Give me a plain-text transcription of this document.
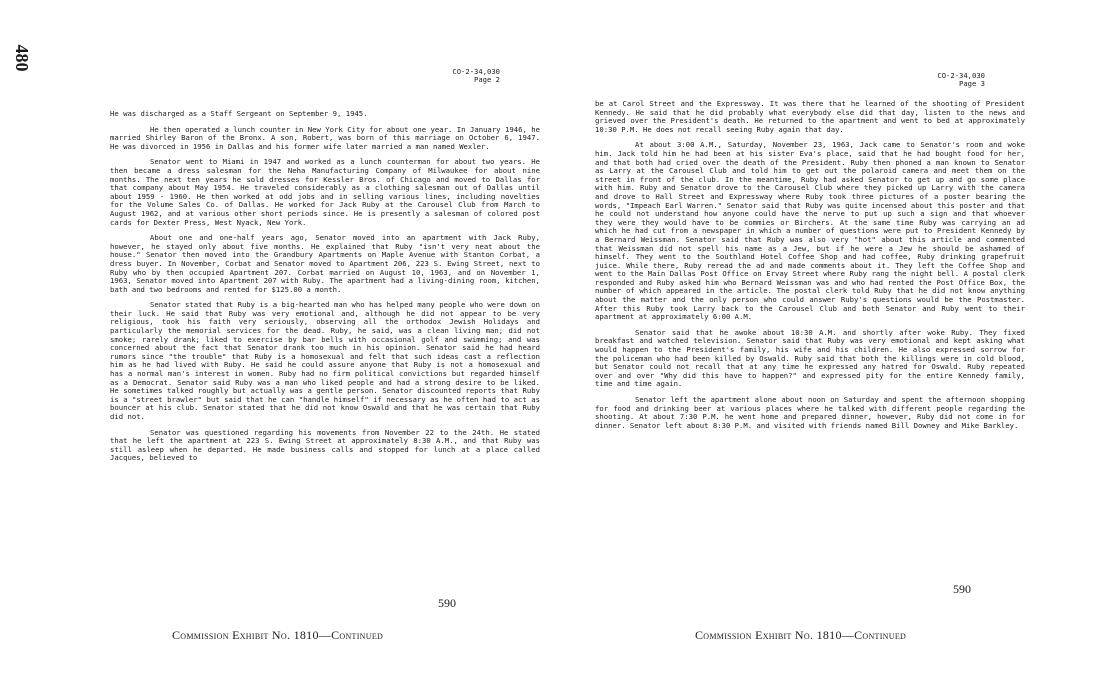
480	CO-2-34,030
Page 2

He was discharged as a Staff Sergeant on September 9, 1945.

He then operated a lunch counter in New York City for about one year. In January 1946, he married Shirley Baron of the Bronx. A son, Robert, was born of this marriage on October 6, 1947. He was divorced in 1956 in Dallas and his former wife later married a man named Wexler.

Senator went to Miami in 1947 and worked as a lunch counterman for about two years. He then became a dress salesman for the Neha Manufacturing Company of Milwaukee for about nine months. The next ten years he sold dresses for Kessler Bros. of Chicago and moved to Dallas for that company about May 1954. He traveled considerably as a clothing salesman out of Dallas until about 1959 - 1960. He then worked at odd jobs and in selling various lines, including novelties for the Volume Sales Co. of Dallas. He worked for Jack Ruby at the Carousel Club from March to August 1962, and at various other short periods since. He is presently a salesman of colored post cards for Dexter Press, West Nyack, New York.

About one and one-half years ago, Senator moved into an apartment with Jack Ruby, however, he stayed only about five months. He explained that Ruby "isn't very neat about the house." Senator then moved into the Grandbury Apartments on Maple Avenue with Stanton Corbat, a dress buyer. In November, Corbat and Senator moved to Apartment 206, 223 S. Ewing Street, next to Ruby who by then occupied Apartment 207. Corbat married on August 10, 1963, and on November 1, 1963, Senator moved into Apartment 207 with Ruby. The apartment had a living-dining room, kitchen, bath and two bedrooms and rented for $125.00 a month.

Senator stated that Ruby is a big-hearted man who has helped many people who were down on their luck. He said that Ruby was very emotional and, although he did not appear to be very religious, took his faith very seriously, observing all the orthodox Jewish Holidays and particularly the memorial services for the dead. Ruby, he said, was a clean living man; did not smoke; rarely drank; liked to exercise by bar bells with occasional golf and swimming; and was concerned about the fact that Senator drank too much in his opinion. Senator said he had heard rumors since "the trouble" that Ruby is a homosexual and felt that such ideas cast a reflection him as he had lived with Ruby. He said he could assure anyone that Ruby is not a homosexual and has a normal man's interest in women. Ruby had no firm political convictions but regarded himself as a Democrat. Senator said Ruby was a man who liked people and had a strong desire to be liked. He sometimes talked roughly but actually was a gentle person. Senator discounted reports that Ruby is a "street brawler" but said that he can "handle himself" if necessary as he often had to act as bouncer at his club. Senator stated that he did not know Oswald and that he was certain that Ruby did not.

Senator was questioned regarding his movements from November 22 to the 24th. He stated that he left the apartment at 223 S. Ewing Street at approximately 8:30 A.M., and that Ruby was still asleep when he departed. He made business calls and stopped for lunch at a place called Jacques, believed to

590
Commission Exhibit No. 1810—Continued
CO-2-34,030
Page 3

be at Carol Street and the Expressway. It was there that he learned of the shooting of President Kennedy. He said that he did probably what everybody else did that day, listen to the news and grieved over the President's death. He returned to the apartment and went to bed at approximately 10:30 P.M. He does not recall seeing Ruby again that day.

At about 3:00 A.M., Saturday, November 23, 1963, Jack came to Senator's room and woke him. Jack told him he had been at his sister Eva's place, said that he had bought food for her, and that both had cried over the death of the President. Ruby then phoned a man known to Senator as Larry at the Carousel Club and told him to get out the polaroid camera and meet them on the street in front of the club. In the meantime, Ruby had asked Senator to get up and go some place with him. Ruby and Senator drove to the Carousel Club where they picked up Larry with the camera and drove to Hall Street and Expressway where Ruby took three pictures of a poster bearing the words, "Impeach Earl Warren." Senator said that Ruby was quite incensed about this poster and that he could not understand how anyone could have the nerve to put up such a sign and that whoever they were they would have to be commies or Birchers. At the same time Ruby was carrying an ad which he had cut from a newspaper in which a number of questions were put to President Kennedy by a Bernard Weissman. Senator said that Ruby was also very "hot" about this article and commented that Weissman did not spell his name as a Jew, but if he were a Jew he should be ashamed of himself. They went to the Southland Hotel Coffee Shop and had coffee, Ruby drinking grapefruit juice. While there, Ruby reread the ad and made comments about it. They left the Coffee Shop and went to the Main Dallas Post Office on Ervay Street where Ruby rang the night bell. A postal clerk responded and Ruby asked him who Bernard Weissman was and who had rented the Post Office Box, the number of which appeared in the article. The postal clerk told Ruby that he did not know anything about the matter and the only person who could answer Ruby's questions would be the Postmaster. After this Ruby took Larry back to the Carousel Club and both Senator and Ruby went to their apartment at approximately 6:00 A.M.

Senator said that he awoke about 10:30 A.M. and shortly after woke Ruby. They fixed breakfast and watched television. Senator said that Ruby was very emotional and kept asking what would happen to the President's family, his wife and his children. He also expressed sorrow for the policeman who had been killed by Oswald. Ruby said that both the killings were in cold blood, but Senator could not recall that at any time he expressed any hatred for Oswald. Ruby repeated over and over "Why did this have to happen?" and expressed pity for the entire Kennedy family, time and time again.

Senator left the apartment alone about noon on Saturday and spent the afternoon shopping for food and drinking beer at various places where he talked with different people regarding the shooting. At about 7:30 P.M. he went home and prepared dinner, however, Ruby did not come in for dinner. Senator left about 8:30 P.M. and visited with friends named Bill Downey and Mike Barkley.

590
Commission Exhibit No. 1810—Continued
